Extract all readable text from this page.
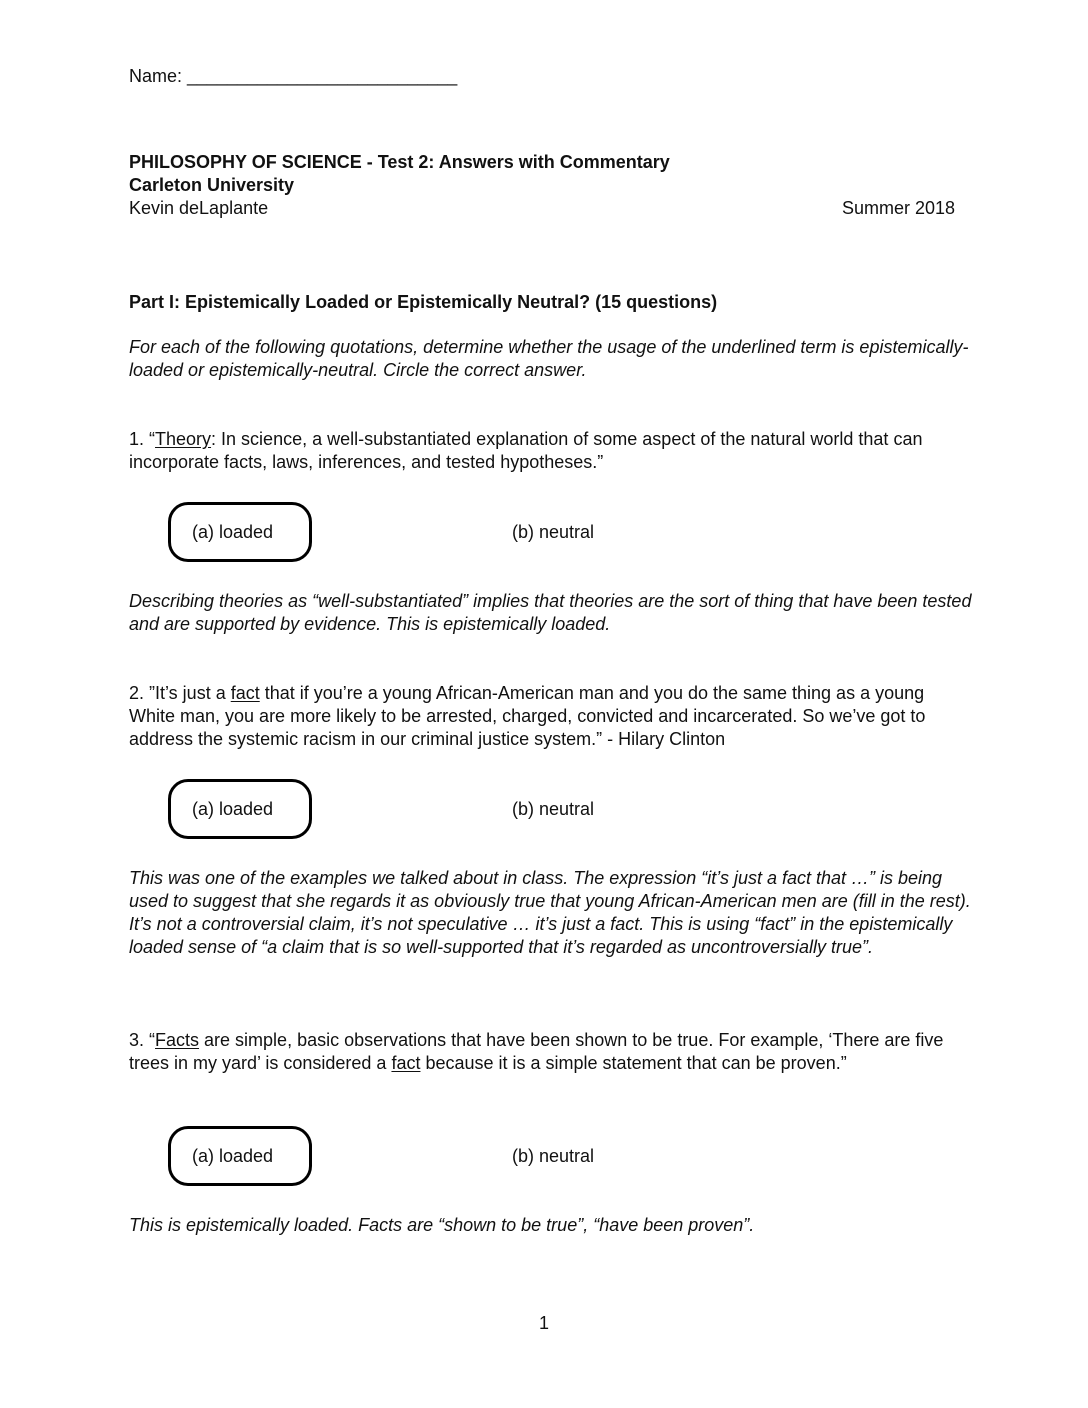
Name: ___________________________
PHILOSOPHY OF SCIENCE - Test 2: Answers with Commentary
Carleton University
Kevin deLaplante	Summer 2018
Part I: Epistemically Loaded or Epistemically Neutral? (15 questions)
For each of the following quotations, determine whether the usage of the underlined term is epistemically-loaded or epistemically-neutral. Circle the correct answer.
1. “Theory: In science, a well-substantiated explanation of some aspect of the natural world that can incorporate facts, laws, inferences, and tested hypotheses.”
(a) loaded	(b) neutral
Describing theories as “well-substantiated” implies that theories are the sort of thing that have been tested and are supported by evidence. This is epistemically loaded.
2. ”It’s just a fact that if you’re a young African-American man and you do the same thing as a young White man, you are more likely to be arrested, charged, convicted and incarcerated. So we’ve got to address the systemic racism in our criminal justice system.” - Hilary Clinton
(a) loaded	(b) neutral
This was one of the examples we talked about in class. The expression “it’s just a fact that …” is being used to suggest that she regards it as obviously true that young African-American men are (fill in the rest). It’s not a controversial claim, it’s not speculative … it’s just a fact. This is using “fact” in the epistemically loaded sense of “a claim that is so well-supported that it’s regarded as uncontroversially true”.
3. “Facts are simple, basic observations that have been shown to be true. For example, ‘There are five trees in my yard’ is considered a fact because it is a simple statement that can be proven.”
(a) loaded	(b) neutral
This is epistemically loaded. Facts are “shown to be true”, “have been proven”.
1
